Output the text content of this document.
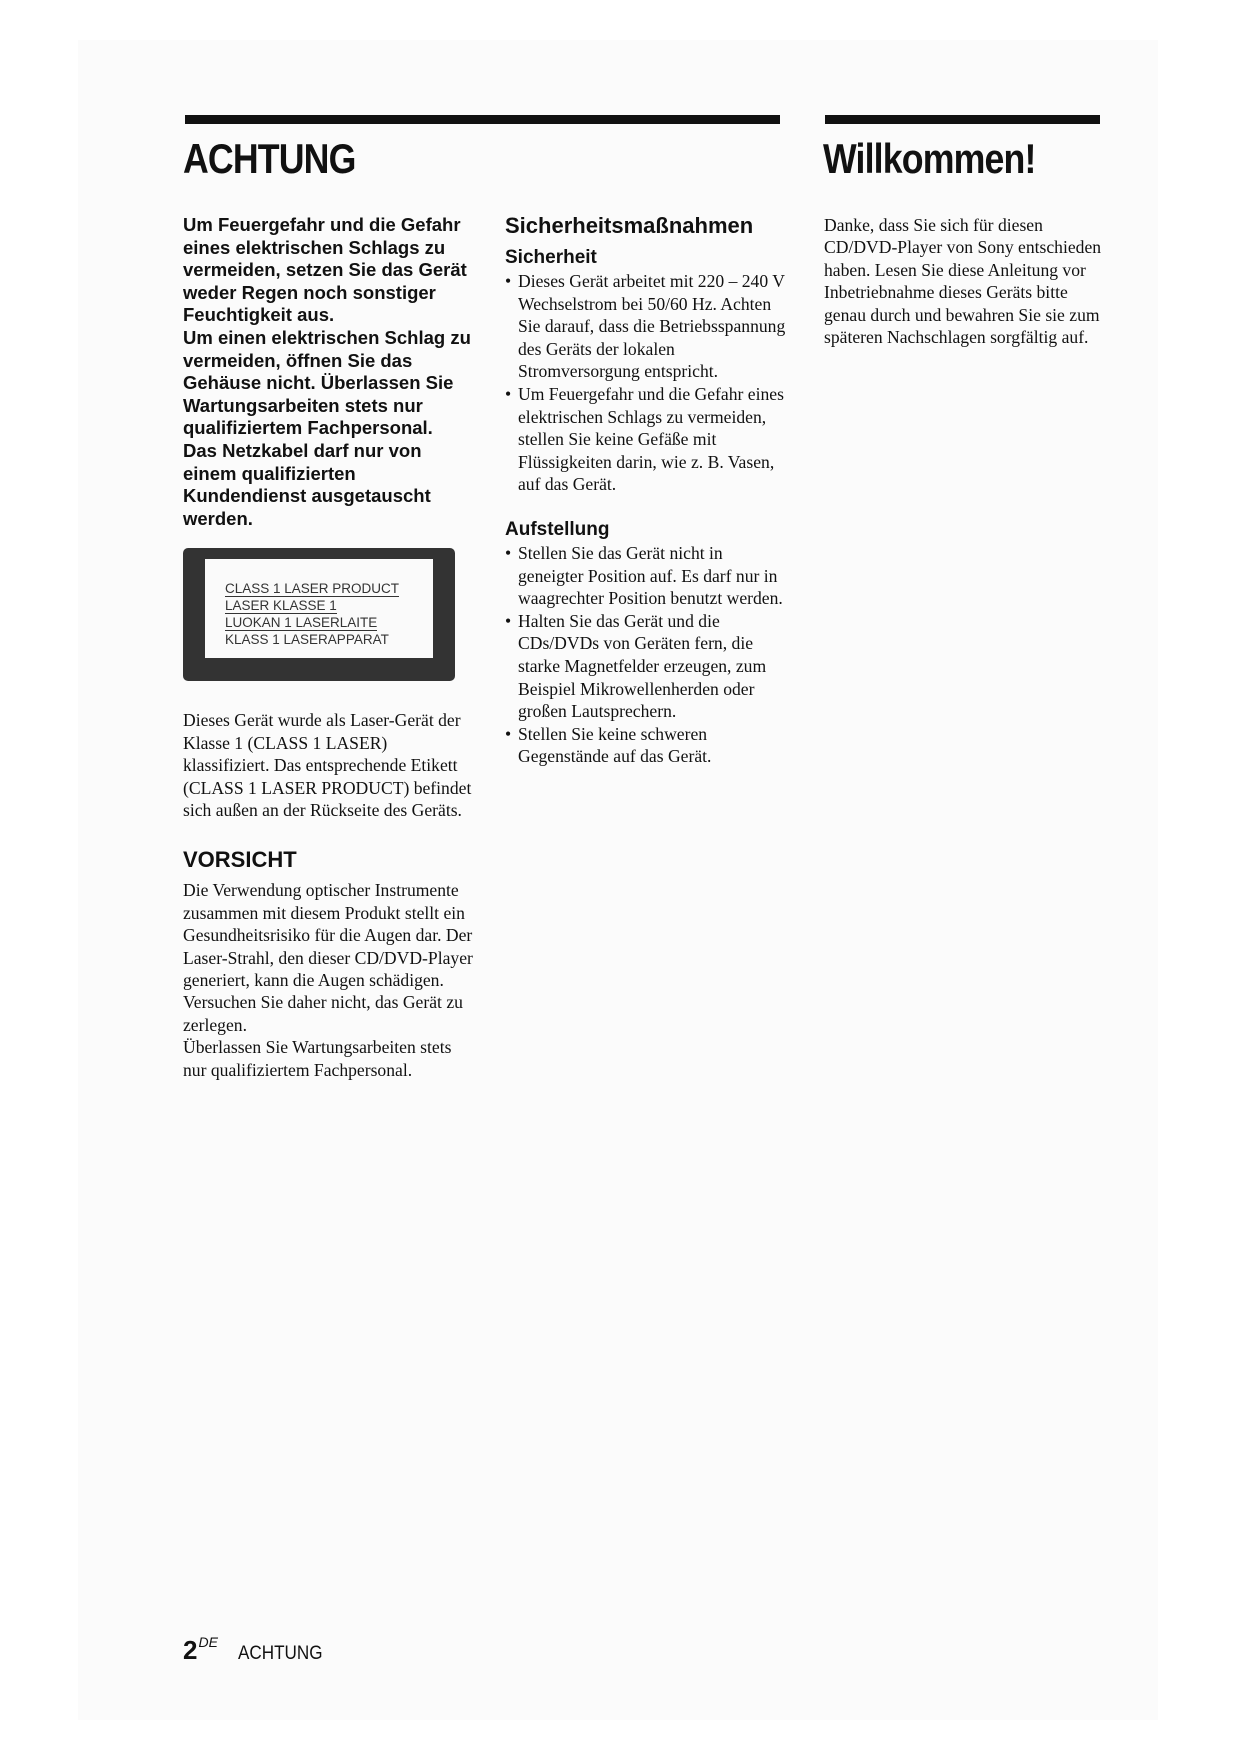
ACHTUNG	Willkommen!

Um Feuergefahr und die Gefahr eines elektrischen Schlags zu vermeiden, setzen Sie das Gerät weder Regen noch sonstiger Feuchtigkeit aus.

Um einen elektrischen Schlag zu vermeiden, öffnen Sie das Gehäuse nicht. Überlassen Sie Wartungsarbeiten stets nur qualifiziertem Fachpersonal.

Das Netzkabel darf nur von einem qualifizierten Kundendienst ausgetauscht werden.

CLASS 1 LASER PRODUCT
LASER KLASSE 1
LUOKAN 1 LASERLAITE
KLASS 1 LASERAPPARAT

Dieses Gerät wurde als Laser-Gerät der Klasse 1 (CLASS 1 LASER) klassifiziert. Das entsprechende Etikett (CLASS 1 LASER PRODUCT) befindet sich außen an der Rückseite des Geräts.

VORSICHT

Die Verwendung optischer Instrumente zusammen mit diesem Produkt stellt ein Gesundheitsrisiko für die Augen dar. Der Laser-Strahl, den dieser CD/DVD-Player generiert, kann die Augen schädigen. Versuchen Sie daher nicht, das Gerät zu zerlegen.

Überlassen Sie Wartungsarbeiten stets nur qualifiziertem Fachpersonal.

Sicherheitsmaßnahmen
Sicherheit
• Dieses Gerät arbeitet mit 220 – 240 V Wechselstrom bei 50/60 Hz. Achten Sie darauf, dass die Betriebsspannung des Geräts der lokalen Stromversorgung entspricht.
• Um Feuergefahr und die Gefahr eines elektrischen Schlags zu vermeiden, stellen Sie keine Gefäße mit Flüssigkeiten darin, wie z. B. Vasen, auf das Gerät.
Aufstellung
• Stellen Sie das Gerät nicht in geneigter Position auf. Es darf nur in waagrechter Position benutzt werden.
• Halten Sie das Gerät und die CDs/DVDs von Geräten fern, die starke Magnetfelder erzeugen, zum Beispiel Mikrowellenherden oder großen Lautsprechern.
• Stellen Sie keine schweren Gegenstände auf das Gerät.

Danke, dass Sie sich für diesen CD/DVD-Player von Sony entschieden haben. Lesen Sie diese Anleitung vor Inbetriebnahme dieses Geräts bitte genau durch und bewahren Sie sie zum späteren Nachschlagen sorgfältig auf.

2DEACHTUNG
